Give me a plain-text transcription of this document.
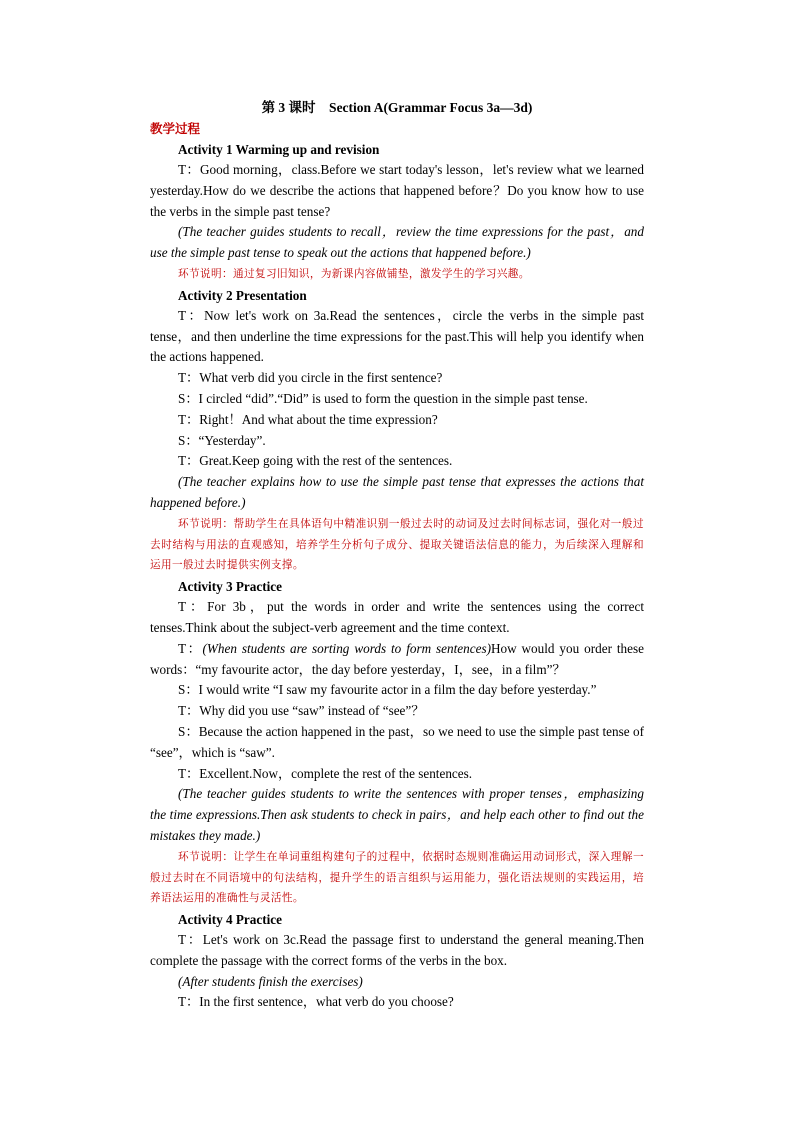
第 3 课时　Section A(Grammar Focus 3a—3d)

教学过程

Activity 1 Warming up and revision

T：Good morning，class.Before we start today's lesson，let's review what we learned yesterday.How do we describe the actions that happened before？Do you know how to use the verbs in the simple past tense?

(The teacher guides students to recall，review the time expressions for the past，and use the simple past tense to speak out the actions that happened before.)

环节说明：通过复习旧知识，为新课内容做铺垫，激发学生的学习兴趣。

Activity 2 Presentation

T：Now let's work on 3a.Read the sentences，circle the verbs in the simple past tense，and then underline the time expressions for the past.This will help you identify when the actions happened.

T：What verb did you circle in the first sentence?

S：I circled “did”.“Did” is used to form the question in the simple past tense.

T：Right！And what about the time expression?

S：“Yesterday”.

T：Great.Keep going with the rest of the sentences.

(The teacher explains how to use the simple past tense that expresses the actions that happened before.)

环节说明：帮助学生在具体语句中精准识别一般过去时的动词及过去时间标志词，强化对一般过去时结构与用法的直观感知，培养学生分析句子成分、提取关键语法信息的能力，为后续深入理解和运用一般过去时提供实例支撑。

Activity 3 Practice

T：For 3b，put the words in order and write the sentences using the correct tenses.Think about the subject-verb agreement and the time context.

T：(When students are sorting words to form sentences)How would you order these words：“my favourite actor，the day before yesterday，I，see，in a film”？

S：I would write “I saw my favourite actor in a film the day before yesterday.”

T：Why did you use “saw” instead of “see”？

S：Because the action happened in the past，so we need to use the simple past tense of “see”，which is “saw”.

T：Excellent.Now，complete the rest of the sentences.

(The teacher guides students to write the sentences with proper tenses，emphasizing the time expressions.Then ask students to check in pairs，and help each other to find out the mistakes they made.)

环节说明：让学生在单词重组构建句子的过程中，依据时态规则准确运用动词形式，深入理解一般过去时在不同语境中的句法结构，提升学生的语言组织与运用能力，强化语法规则的实践运用，培养语法运用的准确性与灵活性。

Activity 4 Practice

T：Let's work on 3c.Read the passage first to understand the general meaning.Then complete the passage with the correct forms of the verbs in the box.

(After students finish the exercises)

T：In the first sentence，what verb do you choose?
